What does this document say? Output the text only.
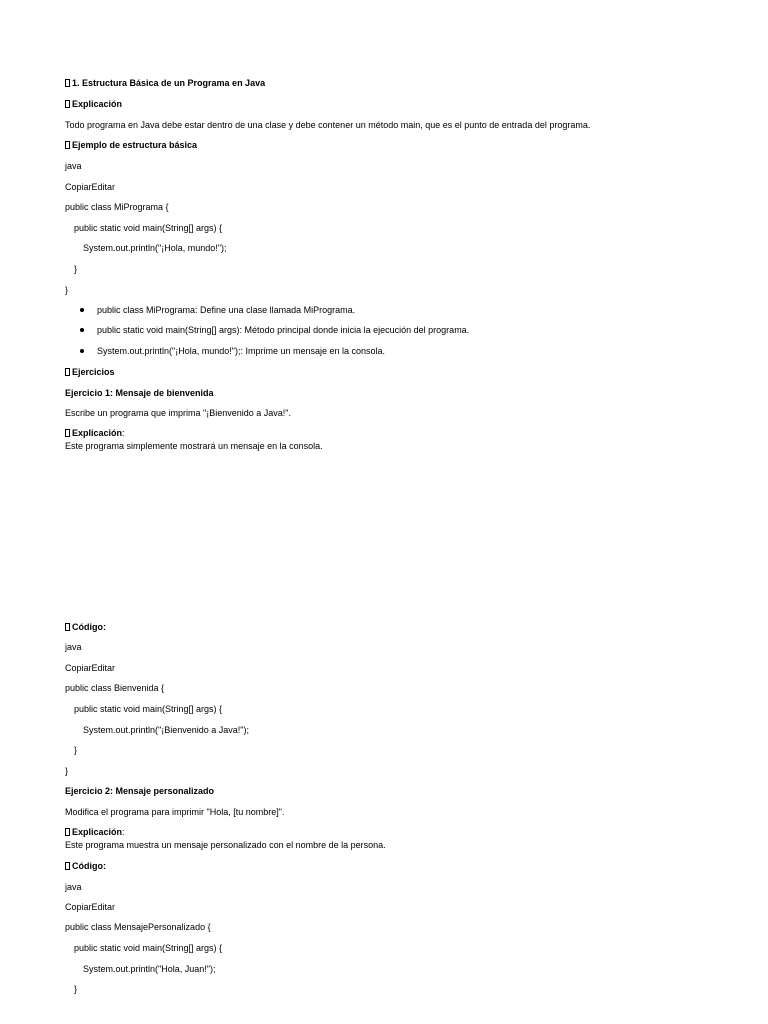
1. Estructura Básica de un Programa en Java
Explicación
Todo programa en Java debe estar dentro de una clase y debe contener un método main, que es el punto de entrada del programa.
Ejemplo de estructura básica
java
CopiarEditar
public class MiPrograma {
public static void main(String[] args) {
System.out.println("¡Hola, mundo!");
}
}
public class MiPrograma: Define una clase llamada MiPrograma.
public static void main(String[] args): Método principal donde inicia la ejecución del programa.
System.out.println("¡Hola, mundo!");: Imprime un mensaje en la consola.
Ejercicios
Ejercicio 1: Mensaje de bienvenida
Escribe un programa que imprima "¡Bienvenido a Java!".
Explicación:
Este programa simplemente mostrará un mensaje en la consola.
Código:
java
CopiarEditar
public class Bienvenida {
public static void main(String[] args) {
System.out.println("¡Bienvenido a Java!");
}
}
Ejercicio 2: Mensaje personalizado
Modifica el programa para imprimir "Hola, [tu nombre]".
Explicación:
Este programa muestra un mensaje personalizado con el nombre de la persona.
Código:
java
CopiarEditar
public class MensajePersonalizado {
public static void main(String[] args) {
System.out.println("Hola, Juan!");
}
